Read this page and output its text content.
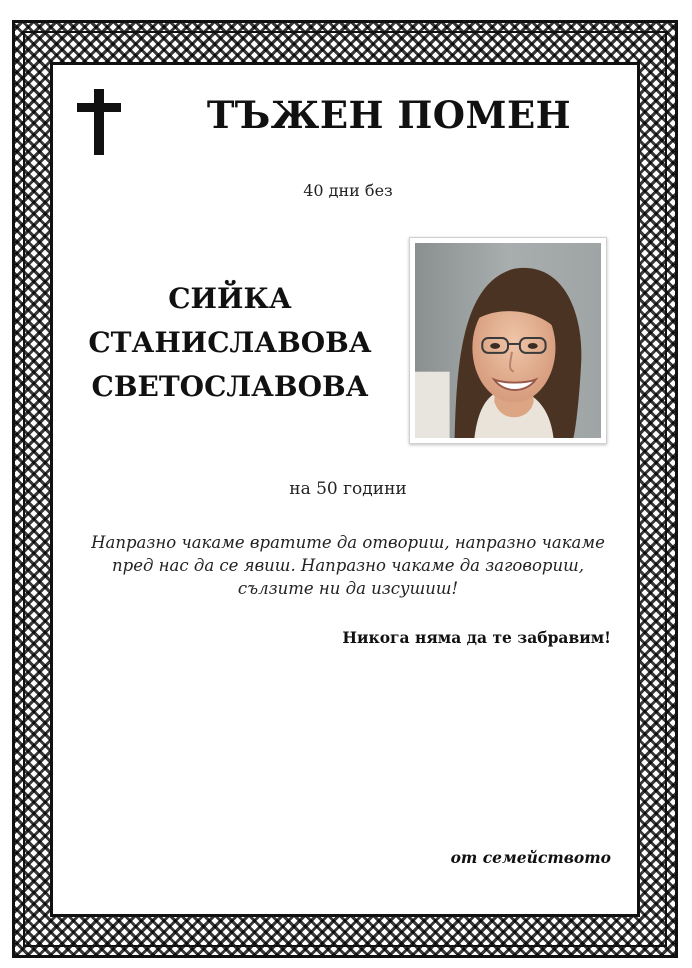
ТЪЖЕН ПОМЕН
40 дни без
СИЙКА
СТАНИСЛАВОВА
СВЕТОСЛАВОВА
на 50 години
Напразно чакаме вратите да отвориш, напразно чакаме пред нас да се явиш. Напразно чакаме да заговориш, сълзите ни да изсушиш!
Никога няма да те забравим!
от семейството
